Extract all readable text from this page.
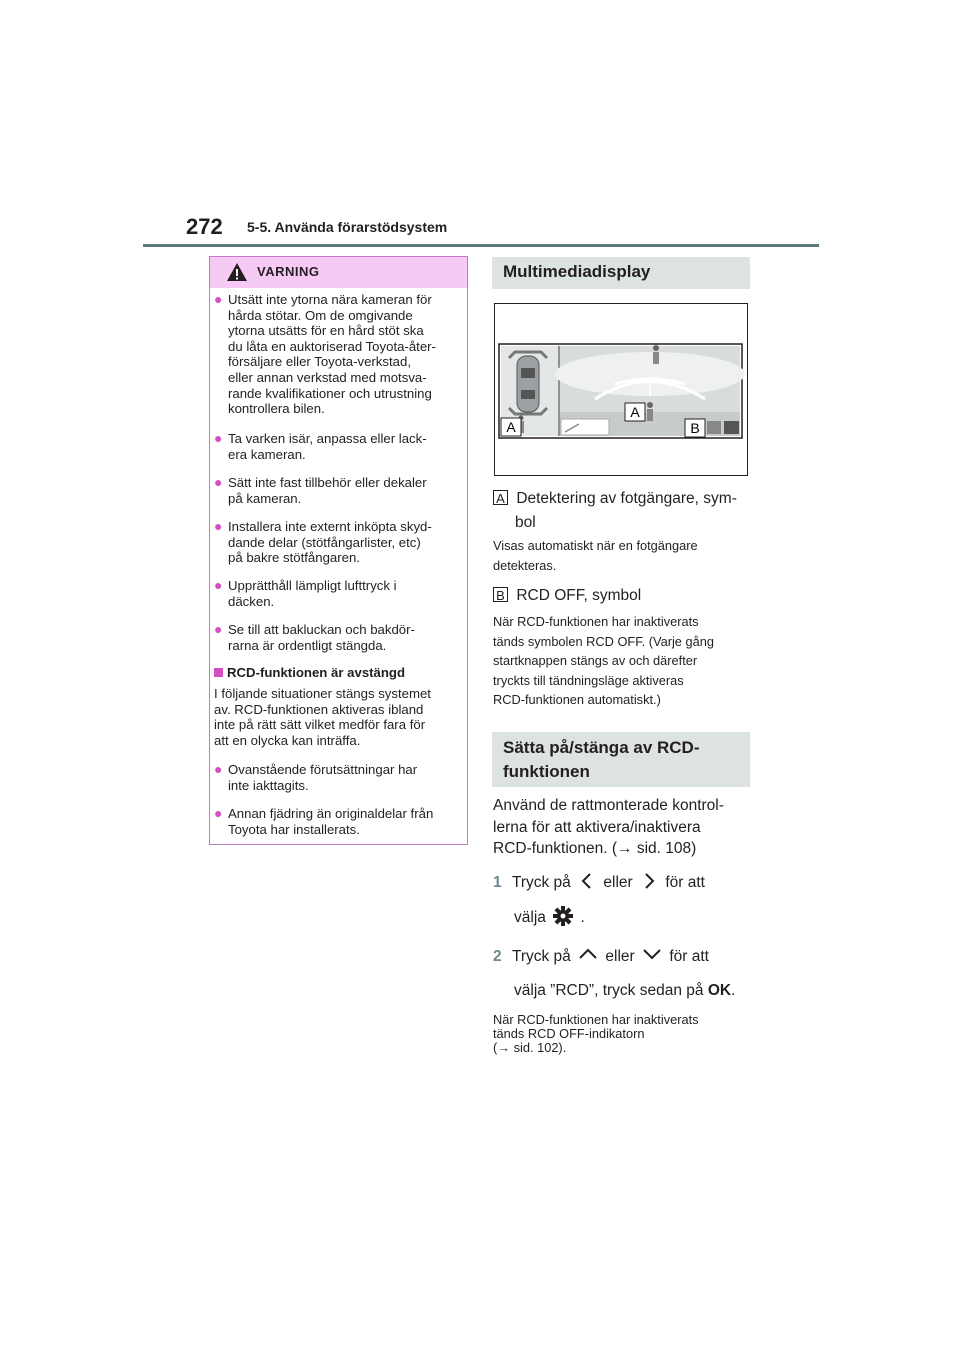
272 5-5. Använda förarstödsystem
VARNING
● Utsätt inte ytorna nära kameran för
hårda stötar. Om de omgivande
ytorna utsätts för en hård stöt ska
du låta en auktoriserad Toyota-åter-
försäljare eller Toyota-verkstad,
eller annan verkstad med motsva-
rande kvalifikationer och utrustning
kontrollera bilen.
● Ta varken isär, anpassa eller lack-
era kameran.
● Sätt inte fast tillbehör eller dekaler
på kameran.
● Installera inte externt inköpta skyd-
dande delar (stötfångarlister, etc)
på bakre stötfångaren.
● Upprätthåll lämpligt lufttryck i
däcken.
● Se till att bakluckan och bakdör-
rarna är ordentligt stängda.
RCD-funktionen är avstängd
I följande situationer stängs systemet
av. RCD-funktionen aktiveras ibland
inte på rätt sätt vilket medför fara för
att en olycka kan inträffa.
● Ovanstående förutsättningar har
inte iakttagits.
● Annan fjädring än originaldelar från
Toyota har installerats.
Multimediadisplay
A
A
B
A Detektering av fotgängare, sym-
bol
Visas automatiskt när en fotgängare
detekteras.
B RCD OFF, symbol
När RCD-funktionen har inaktiverats
tänds symbolen RCD OFF. (Varje gång
startknappen stängs av och därefter
tryckts till tändningsläge aktiveras
RCD-funktionen automatiskt.)
Sätta på/stänga av RCD-
funktionen
Använd de rattmonterade kontrol-
lerna för att aktivera/inaktivera
RCD-funktionen. (→ sid. 108)
1 Tryck på eller för att
välja .
2 Tryck på eller för att
välja ”RCD”, tryck sedan på OK.
När RCD-funktionen har inaktiverats
tänds RCD OFF-indikatorn
(→ sid. 102).
